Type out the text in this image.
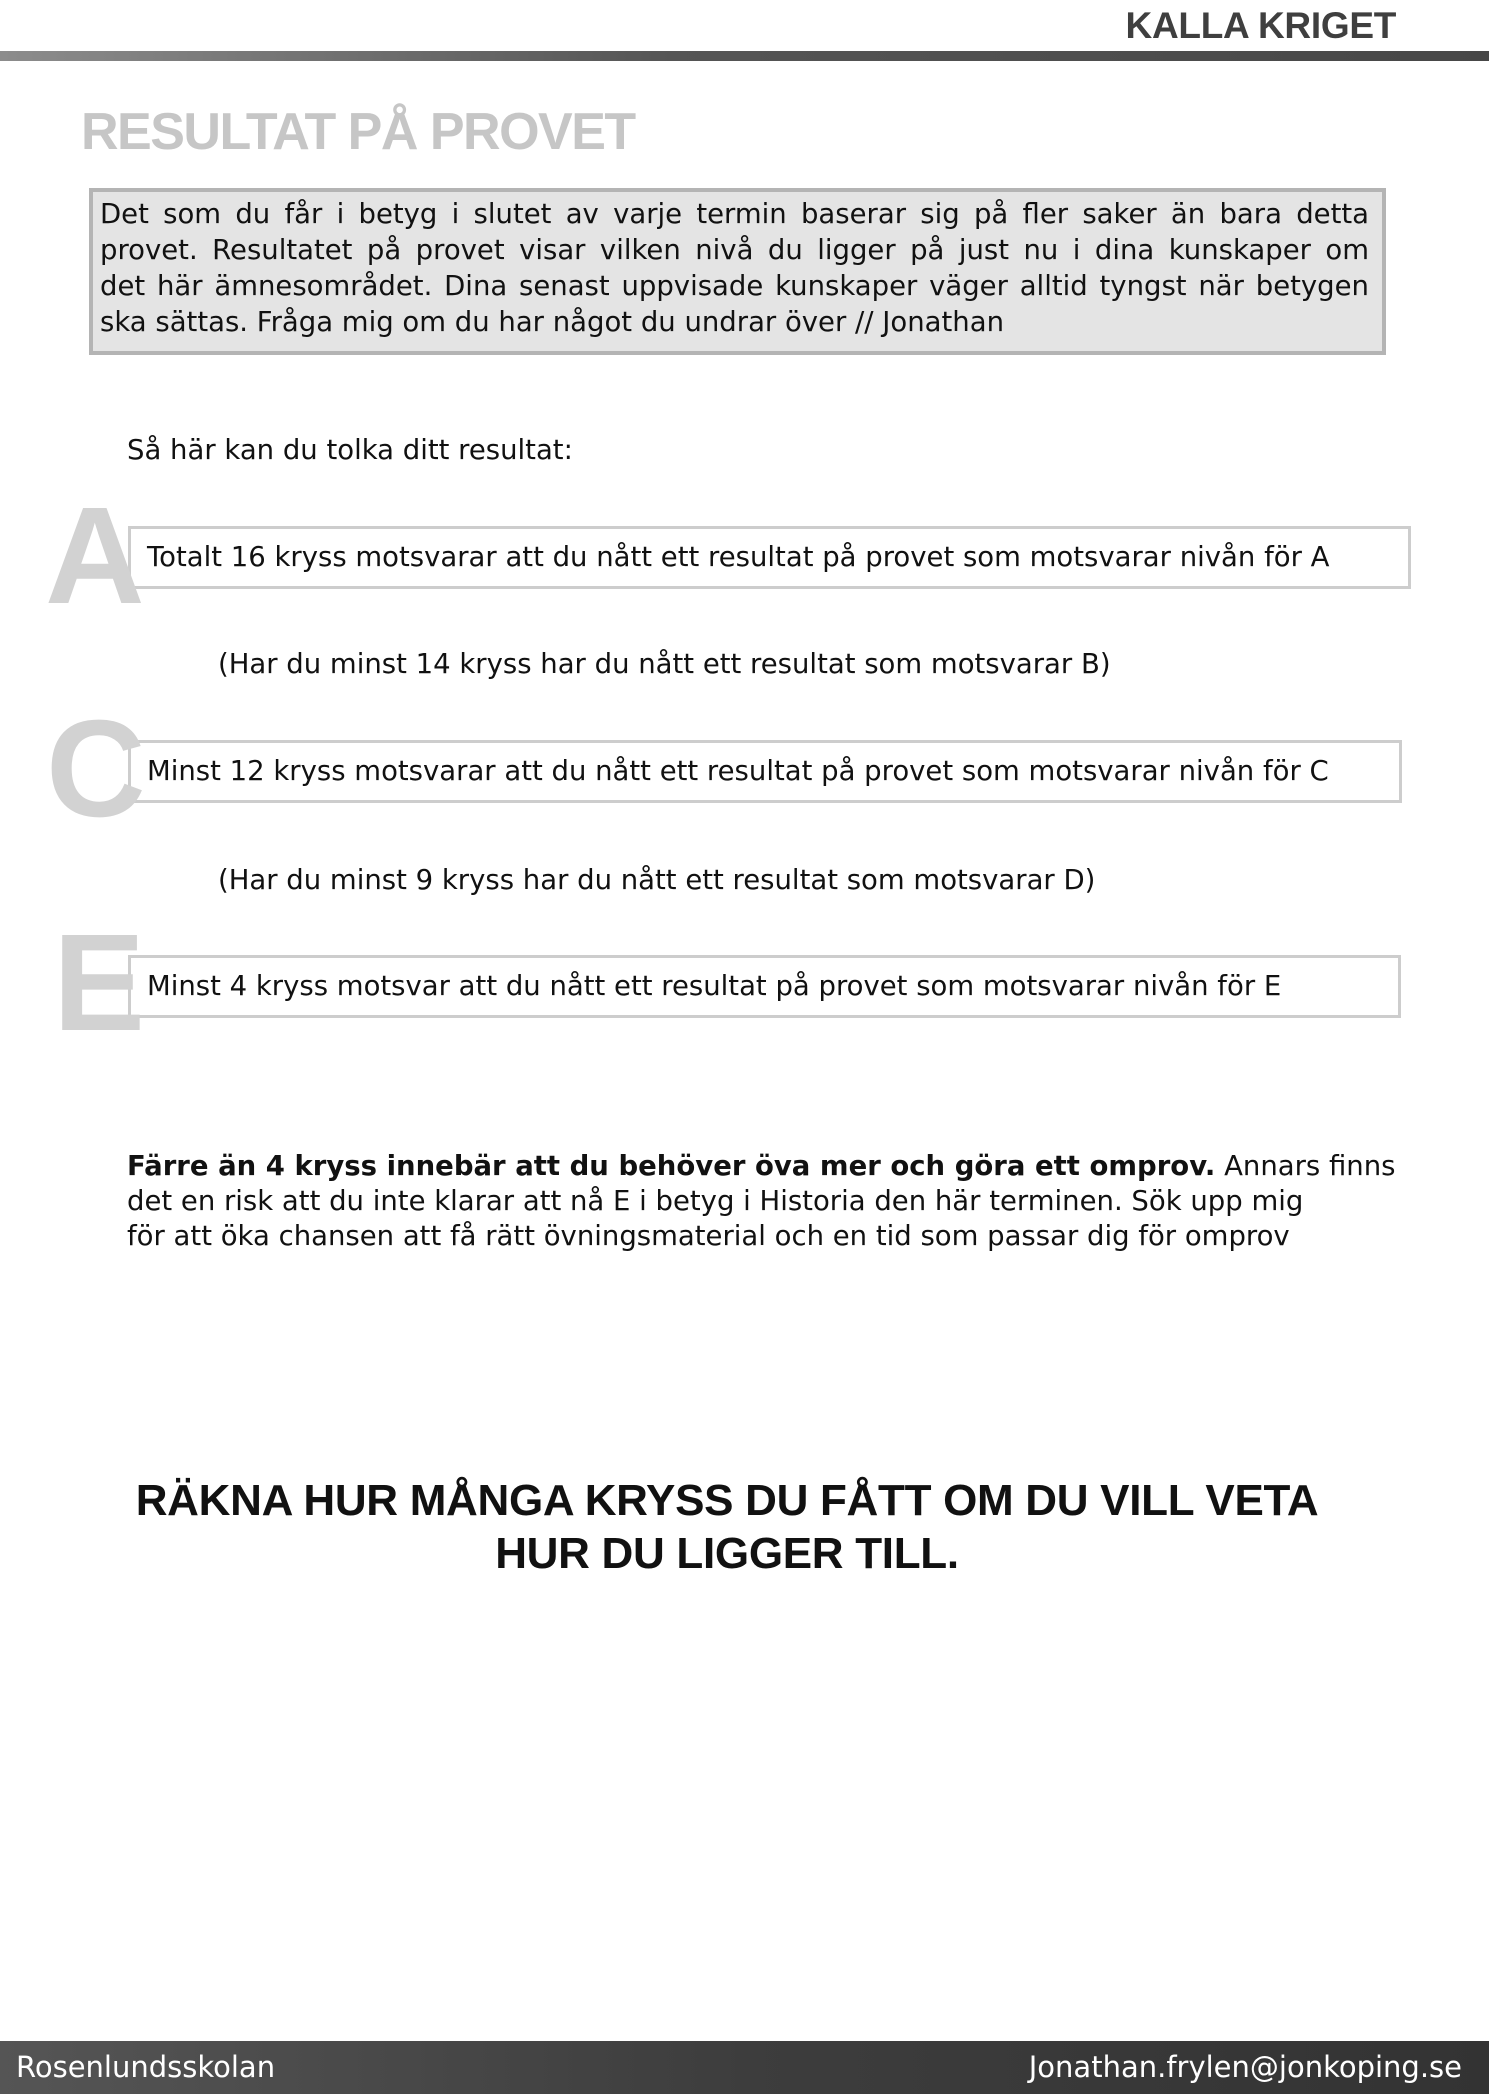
KALLA KRIGET
RESULTAT PÅ PROVET
Det som du får i betyg i slutet av varje termin baserar sig på fler saker än bara detta
provet. Resultatet på provet visar vilken nivå du ligger på just nu i dina kunskaper om
det här ämnesområdet. Dina senast uppvisade kunskaper väger alltid tyngst när betygen
ska sättas. Fråga mig om du har något du undrar över // Jonathan
Så här kan du tolka ditt resultat:
Totalt 16 kryss motsvarar att du nått ett resultat på provet som motsvarar nivån för A
A
(Har du minst 14 kryss har du nått ett resultat som motsvarar B)
Minst 12 kryss motsvarar att du nått ett resultat på provet som motsvarar nivån för C
C
(Har du minst 9 kryss har du nått ett resultat som motsvarar D)
Minst 4 kryss motsvar att du nått ett resultat på provet som motsvarar nivån för E
E
Färre än 4 kryss innebär att du behöver öva mer och göra ett omprov. Annars finns
det en risk att du inte klarar att nå E i betyg i Historia den här terminen. Sök upp mig
för att öka chansen att få rätt övningsmaterial och en tid som passar dig för omprov
RÄKNA HUR MÅNGA KRYSS DU FÅTT OM DU VILL VETA
HUR DU LIGGER TILL.
Rosenlundsskolan	Jonathan.frylen@jonkoping.se
